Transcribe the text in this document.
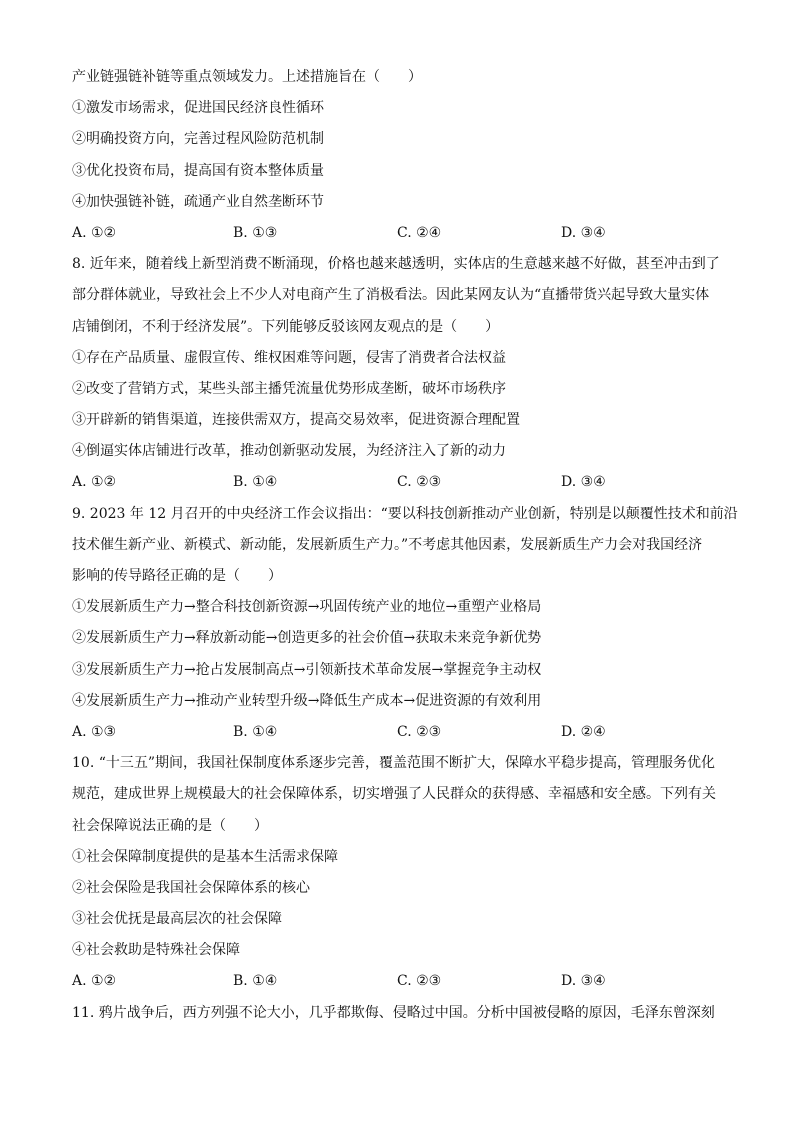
产业链强链补链等重点领域发力。上述措施旨在（　　）
①激发市场需求，促进国民经济良性循环
②明确投资方向，完善过程风险防范机制
③优化投资布局，提高国有资本整体质量
④加快强链补链，疏通产业自然垄断环节
A. ①②	B. ①③	C. ②④	D. ③④
8. 近年来，随着线上新型消费不断涌现，价格也越来越透明，实体店的生意越来越不好做，甚至冲击到了
部分群体就业，导致社会上不少人对电商产生了消极看法。因此某网友认为“直播带货兴起导致大量实体
店铺倒闭，不利于经济发展”。下列能够反驳该网友观点的是（　　）
①存在产品质量、虚假宣传、维权困难等问题，侵害了消费者合法权益
②改变了营销方式，某些头部主播凭流量优势形成垄断，破坏市场秩序
③开辟新的销售渠道，连接供需双方，提高交易效率，促进资源合理配置
④倒逼实体店铺进行改革，推动创新驱动发展，为经济注入了新的动力
A. ①②	B. ①④	C. ②③	D. ③④
9. 2023 年 12 月召开的中央经济工作会议指出：“要以科技创新推动产业创新，特别是以颠覆性技术和前沿
技术催生新产业、新模式、新动能，发展新质生产力。”不考虑其他因素，发展新质生产力会对我国经济
影响的传导路径正确的是（　　）
①发展新质生产力→整合科技创新资源→巩固传统产业的地位→重塑产业格局
②发展新质生产力→释放新动能→创造更多的社会价值→获取未来竞争新优势
③发展新质生产力→抢占发展制高点→引领新技术革命发展→掌握竞争主动权
④发展新质生产力→推动产业转型升级→降低生产成本→促进资源的有效利用
A. ①③	B. ①④	C. ②③	D. ②④
10. “十三五”期间，我国社保制度体系逐步完善，覆盖范围不断扩大，保障水平稳步提高，管理服务优化
规范，建成世界上规模最大的社会保障体系，切实增强了人民群众的获得感、幸福感和安全感。下列有关
社会保障说法正确的是（　　）
①社会保障制度提供的是基本生活需求保障
②社会保险是我国社会保障体系的核心
③社会优抚是最高层次的社会保障
④社会救助是特殊社会保障
A. ①②	B. ①④	C. ②③	D. ③④
11. 鸦片战争后，西方列强不论大小，几乎都欺侮、侵略过中国。分析中国被侵略的原因，毛泽东曾深刻
